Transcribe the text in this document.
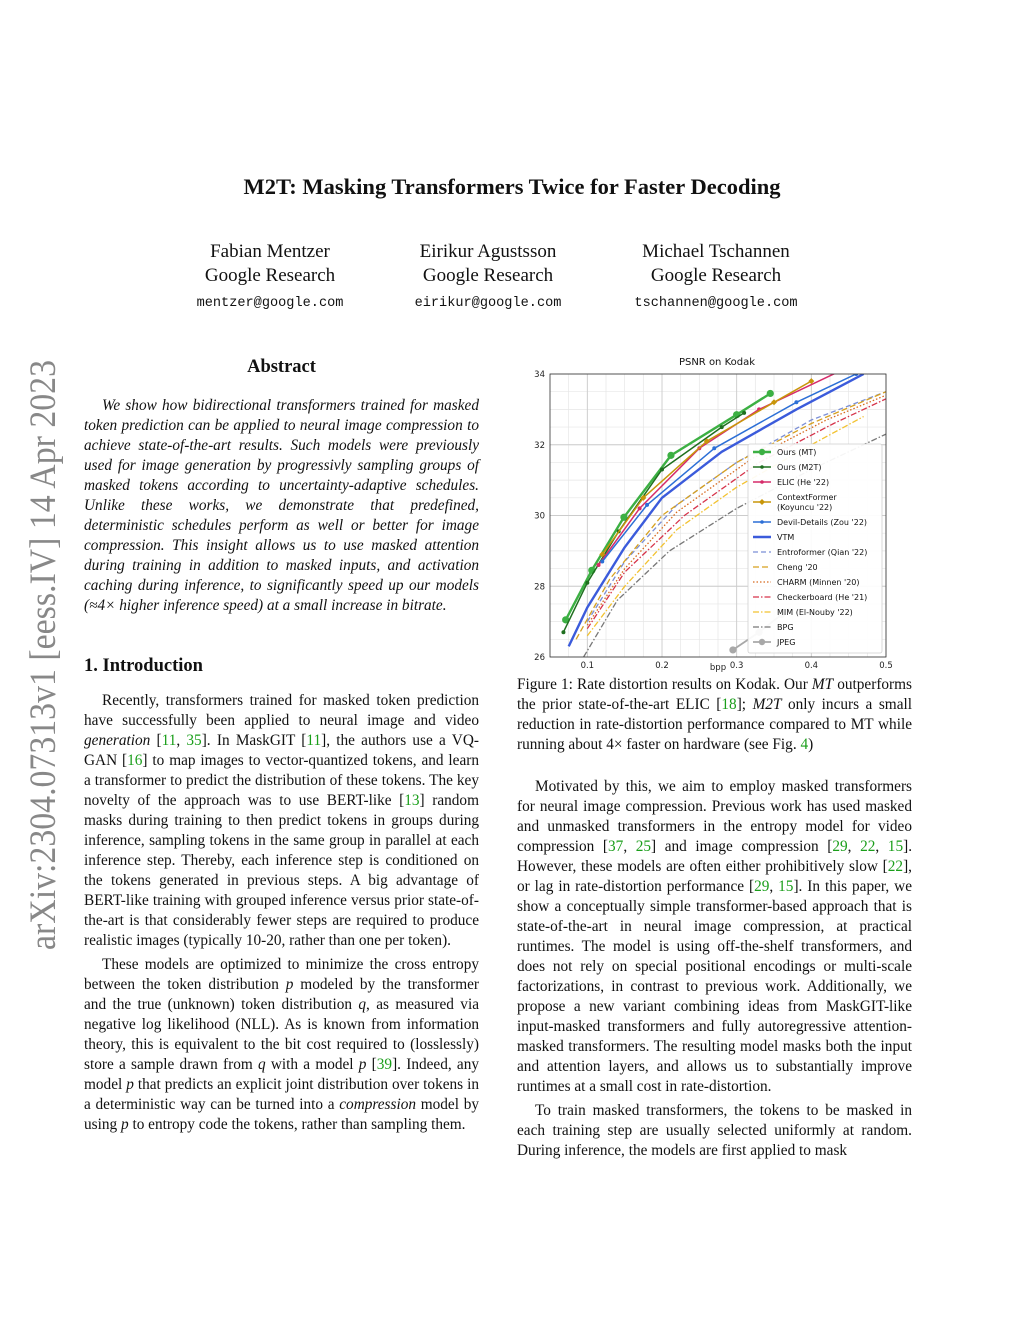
arXiv:2304.07313v1 [eess.IV] 14 Apr 2023
M2T: Masking Transformers Twice for Faster Decoding
Fabian Mentzer
Google Research
mentzer@google.com
Eirikur Agustsson
Google Research
eirikur@google.com
Michael Tschannen
Google Research
tschannen@google.com
Abstract

We show how bidirectional transformers trained for masked token prediction can be applied to neural image compression to achieve state-of-the-art results. Such models were previously used for image generation by progressivly sampling groups of masked tokens according to uncertainty-adaptive schedules. Unlike these works, we demonstrate that predefined, deterministic schedules perform as well or better for image compression. This insight allows us to use masked attention during training in addition to masked inputs, and activation caching during inference, to significantly speed up our models (≈4× higher inference speed) at a small increase in bitrate.

1. Introduction

Recently, transformers trained for masked token prediction have successfully been applied to neural image and video generation [11, 35]. In MaskGIT [11], the authors use a VQ-GAN [16] to map images to vector-quantized tokens, and learn a transformer to predict the distribution of these tokens. The key novelty of the approach was to use BERT-like [13] random masks during training to then predict tokens in groups during inference, sampling tokens in the same group in parallel at each inference step. Thereby, each inference step is conditioned on the tokens generated in previous steps. A big advantage of BERT-like training with grouped inference versus prior state-of-the-art is that considerably fewer steps are required to produce realistic images (typically 10-20, rather than one per token).

These models are optimized to minimize the cross entropy between the token distribution p modeled by the transformer and the true (unknown) token distribution q, as measured via negative log likelihood (NLL). As is known from information theory, this is equivalent to the bit cost required to (losslessly) store a sample drawn from q with a model p [39]. Indeed, any model p that predicts an explicit joint distribution over tokens in a deterministic way can be turned into a compression model by using p to entropy code the tokens, rather than sampling them.

0.1	0.2	0.3	0.4	0.5
26
28
30
32
34
PSNR on Kodak
bpp
Ours (MT)
Ours (M2T)
ELIC (He '22)
ContextFormer
(Koyuncu '22)
Devil-Details (Zou '22)
VTM
Entroformer (Qian '22)
Cheng '20
CHARM (Minnen '20)
Checkerboard (He '21)
MIM (El-Nouby '22)
BPG
JPEG

Figure 1: Rate distortion results on Kodak. Our MT outperforms the prior state-of-the-art ELIC [18]; M2T only incurs a small reduction in rate-distortion performance compared to MT while running about 4× faster on hardware (see Fig. 4)

Motivated by this, we aim to employ masked transformers for neural image compression. Previous work has used masked and unmasked transformers in the entropy model for video compression [37, 25] and image compression [29, 22, 15]. However, these models are often either prohibitively slow [22], or lag in rate-distortion performance [29, 15]. In this paper, we show a conceptually simple transformer-based approach that is state-of-the-art in neural image compression, at practical runtimes. The model is using off-the-shelf transformers, and does not rely on special positional encodings or multi-scale factorizations, in contrast to previous work. Additionally, we propose a new variant combining ideas from MaskGIT-like input-masked transformers and fully autoregressive attention-masked transformers. The resulting model masks both the input and attention layers, and allows us to substantially improve runtimes at a small cost in rate-distortion.

To train masked transformers, the tokens to be masked in each training step are usually selected uniformly at random. During inference, the models are first applied to mask
